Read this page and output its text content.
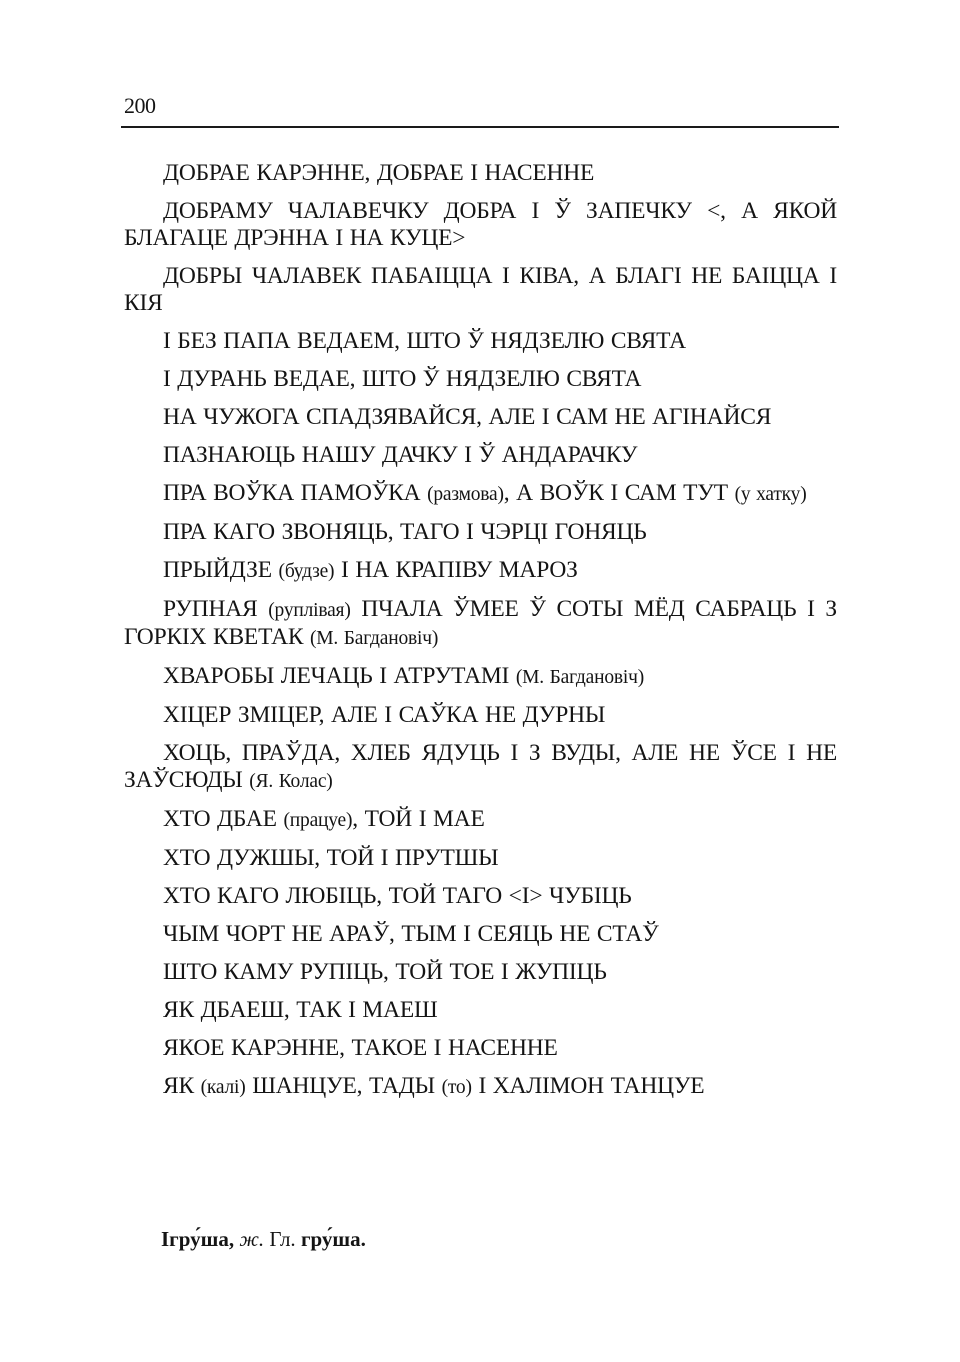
200

ДОБРАЕ КАРЭННЕ, ДОБРАЕ І НАСЕННЕ

ДОБРАМУ ЧАЛАВЕЧКУ ДОБРА І Ў ЗАПЕЧКУ <, А ЯКОЙ БЛАГАЦЕ ДРЭННА І НА КУЦЕ>

ДОБРЫ ЧАЛАВЕК ПАБАІЦЦА І КІВА, А БЛАГІ НЕ БАІЦЦА І КІЯ

І БЕЗ ПАПА ВЕДАЕМ, ШТО Ў НЯДЗЕЛЮ СВЯТА

І ДУРАНЬ ВЕДАЕ, ШТО Ў НЯДЗЕЛЮ СВЯТА

НА ЧУЖОГА СПАДЗЯВАЙСЯ, АЛЕ І САМ НЕ АГІНАЙСЯ

ПАЗНАЮЦЬ НАШУ ДАЧКУ І Ў АНДАРАЧКУ

ПРА ВОЎКА ПАМОЎКА (размова), А ВОЎК І САМ ТУТ (у хатку)

ПРА КАГО ЗВОНЯЦЬ, ТАГО І ЧЭРЦІ ГОНЯЦЬ

ПРЫЙДЗЕ (будзе) І НА КРАПІВУ МАРОЗ

РУПНАЯ (руплівая) ПЧАЛА ЎМЕЕ Ў СОТЫ МЁД САБРАЦЬ І З ГОРКІХ КВЕТАК (М. Багдановіч)

ХВАРОБЫ ЛЕЧАЦЬ І АТРУТАМІ (М. Багдановіч)

ХІЦЕР ЗМІЦЕР, АЛЕ І САЎКА НЕ ДУРНЫ

ХОЦЬ, ПРАЎДА, ХЛЕБ ЯДУЦЬ І З ВУДЫ, АЛЕ НЕ ЎСЕ І НЕ ЗАЎСЮДЫ (Я. Колас)

ХТО ДБАЕ (працуе), ТОЙ І МАЕ

ХТО ДУЖШЫ, ТОЙ І ПРУТШЫ

ХТО КАГО ЛЮБІЦЬ, ТОЙ ТАГО <І> ЧУБІЦЬ

ЧЫМ ЧОРТ НЕ АРАЎ, ТЫМ І СЕЯЦЬ НЕ СТАЎ

ШТО КАМУ РУПІЦЬ, ТОЙ ТОЕ І ЖУПІЦЬ

ЯК ДБАЕШ, ТАК І МАЕШ

ЯКОЕ КАРЭННЕ, ТАКОЕ І НАСЕННЕ

ЯК (калі) ШАНЦУЕ, ТАДЫ (то) І ХАЛІМОН ТАНЦУЕ

Ігру́ша, ж. Гл. гру́ша.
